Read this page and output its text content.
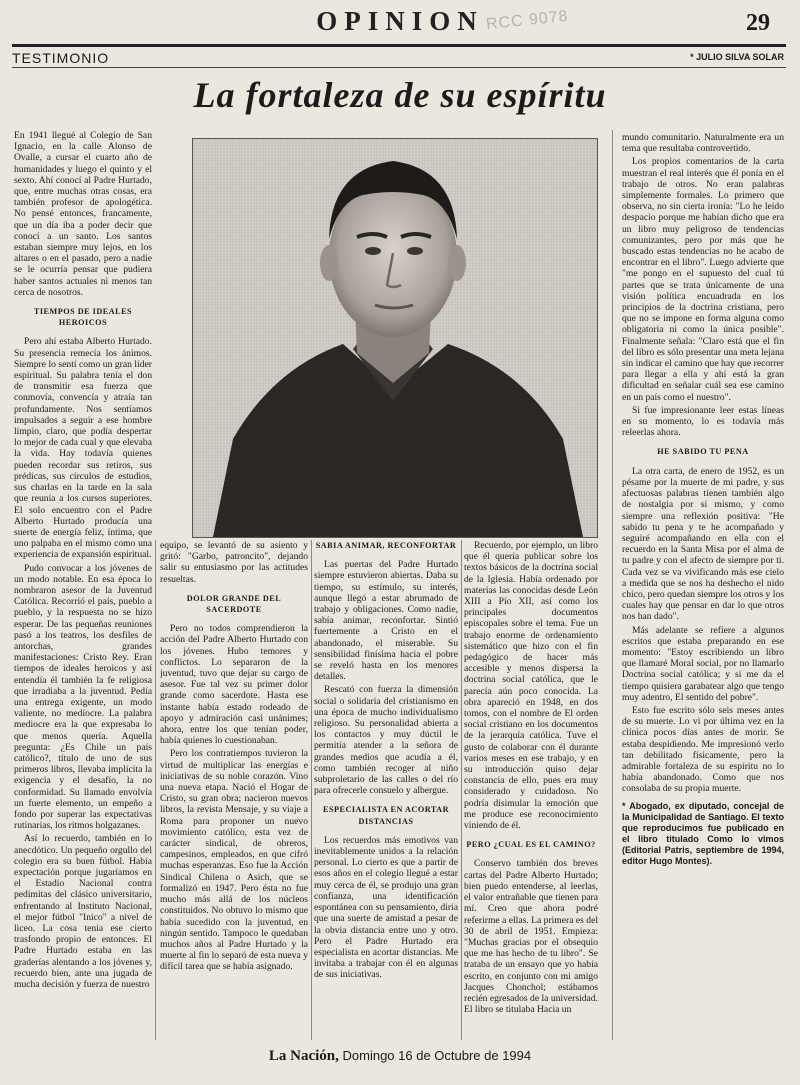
OPINION RCC 9078	29
TESTIMONIO	* JULIO SILVA SOLAR
La fortaleza de su espíritu

En 1941 llegué al Colegio de San Ignacio, en la calle Alonso de Ovalle, a cursar el cuarto año de humanidades y luego el quinto y el sexto. Ahí conocí al Padre Hurtado, que, entre muchas otras cosas, era también profesor de apologética. No pensé entonces, francamente, que un día iba a poder decir que conocí a un santo. Los santos estaban siempre muy lejos, en los altares o en el pasado, pero a nadie se le ocurría pensar que pudiera haber santos actuales ni menos tan cerca de nosotros.

TIEMPOS DE IDEALES HEROICOS

Pero ahí estaba Alberto Hurtado. Su presencia remecía los ánimos. Siempre lo sentí como un gran líder espiritual. Su palabra tenía el don de transmitir esa fuerza que conmovía, convencía y atraía tan profundamente. Nos sentíamos impulsados a seguir a ese hombre limpio, claro, que podía despertar lo mejor de cada cual y que elevaba la vida. Hay todavía quienes pueden recordar sus retiros, sus prédicas, sus círculos de estudios, sus charlas en la tarde en la sala que reunía a los cursos superiores. El solo encuentro con el Padre Alberto Hurtado producía una suerte de energía feliz, íntima, que uno palpaba en el mismo como una experiencia de expansión espiritual.

Pudo convocar a los jóvenes de un modo notable. En esa época lo nombraron asesor de la Juventud Católica. Recorrió el país, pueblo a pueblo, y la respuesta no se hizo esperar. De las pequeñas reuniones pasó a los teatros, los desfiles de antorchas, grandes manifestaciones: Cristo Rey. Eran tiempos de ideales heroicos y así entendía él también la fe religiosa que irradiaba a la juventud. Pedía una entrega exigente, un modo valiente, no mediocre. La palabra mediocre era la que expresaba lo que menos quería. Aquella pregunta: ¿Es Chile un país católico?, título de uno de sus primeros libros, llevaba implícita la exigencia y el desafío, la no conformidad. Su llamado envolvía un fuerte elemento, un empeño a fondo por superar las expectativas rutinarias, los ritmos holgazanes.

Así lo recuerdo, también en lo anecdótico. Un pequeño orgullo del colegio era su buen fútbol. Había expectación porque jugaríamos en el Estadio Nacional contra pedimitas del clásico universitario, enfrentando al Instituto Nacional, el mejor fútbol "Inico" a nivel de liceo. La cosa tenía ese cierto trasfondo propio de entonces. El Padre Hurtado estaba en las graderías alentando a los jóvenes y, recuerdo bien, ante una jugada de mucha decisión y fuerza de nuestro

equipo, se levantó de su asiento y gritó: "Garbo, patroncito", dejando salir su entusiasmo por las actitudes resueltas.

DOLOR GRANDE DEL SACERDOTE

Pero no todos comprendieron la acción del Padre Alberto Hurtado con los jóvenes. Hubo temores y conflictos. Lo separaron de la juventud, tuvo que dejar su cargo de asesor. Fue tal vez su primer dolor grande como sacerdote. Hasta ese instante había estado rodeado de apoyo y admiración casi unánimes; ahora, entre los que tenían poder, había quienes lo cuestionaban.

Pero los contratiempos tuvieron la virtud de multiplicar las energías e iniciativas de su noble corazón. Vino una nueva etapa. Nació el Hogar de Cristo, su gran obra; nacieron nuevos libros, la revista Mensaje, y su viaje a Roma para proponer un nuevo movimiento católico, esta vez de carácter sindical, de obreros, campesinos, empleados, en que cifró muchas esperanzas. Eso fue la Acción Sindical Chilena o Asich, que se formalizó en 1947. Pero ésta no fue mucho más allá de los núcleos constituidos. No obtuvo lo mismo que había sucedido con la juventud, en ningún sentido. Tampoco le quedaban muchos años al Padre Hurtado y la muerte al fin lo separó de esta nueva y difícil tarea que se había asignado.

SABIA ANIMAR, RECONFORTAR

Las puertas del Padre Hurtado siempre estuvieron abiertas. Daba su tiempo, su estímulo, su interés, aunque llegó a estar abrumado de trabajo y obligaciones. Como nadie, sabía animar, reconfortar. Sintió fuertemente a Cristo en el abandonado, el miserable. Su sensibilidad finísima hacia el pobre se reveló hasta en los menores detalles.

Rescató con fuerza la dimensión social o solidaria del cristianismo en una época de mucho individualismo religioso. Su personalidad abierta a los contactos y muy dúctil le permitía atender a la señora de grandes medios que acudía a él, como también recoger al niño subproletario de las calles o del río para ofrecerle consuelo y albergue.

ESPECIALISTA EN ACORTAR

DISTANCIAS

Los recuerdos más emotivos van inevitablemente unidos a la relación personal. Lo cierto es que a partir de esos años en el colegio llegué a estar muy cerca de él, se produjo una gran confianza, una identificación espontánea con su pensamiento, diría que una suerte de amistad a pesar de la obvia distancia entre uno y otro. Pero el Padre Hurtado era especialista en acortar distancias. Me invitaba a trabajar con él en algunas de sus iniciativas.

Recuerdo, por ejemplo, un libro que él quería publicar sobre los textos básicos de la doctrina social de la Iglesia. Había ordenado por materias las conocidas desde León XIII a Pío XII, así como los principales documentos episcopales sobre el tema. Fue un trabajo enorme de ordenamiento sistemático que hizo con el fin pedagógico de hacer más accesible y menos dispersa la doctrina social católica, que le parecía aún poco conocida. La obra apareció en 1948, en dos tomos, con el nombre de El orden social cristiano en los documentos de la jerarquía católica. Tuve el gusto de colaborar con él durante varios meses en ese trabajo, y en su introducción quiso dejar constancia de ello, pues era muy considerado y cuidadoso. No podría disimular la emoción que me produce ese reconocimiento viniendo de él.

PERO ¿CUAL ES EL CAMINO?

Conservo también dos breves cartas del Padre Alberto Hurtado; bien puedo entenderse, al leerlas, el valor entrañable que tienen para mí. Creo que ahora podré referirme a ellas. La primera es del 30 de abril de 1951. Empieza: "Muchas gracias por el obsequio que me has hecho de tu libro". Se trataba de un ensayo que yo había escrito, en conjunto con mi amigo Jacques Chonchol; estábamos recién egresados de la universidad. El libro se titulaba Hacia un

mundo comunitario. Naturalmente era un tema que resultaba controvertido.

Los propios comentarios de la carta muestran el real interés que él ponía en el trabajo de otros. No eran palabras simplemente formales. Lo primero que observa, no sin cierta ironía: "Lo he leído despacio porque me habían dicho que era un libro muy peligroso de tendencias comunizantes, pero por más que he buscado estas tendencias no he acabo de encontrar en el libro". Luego advierte que "me pongo en el supuesto del cual tú partes que se trata únicamente de una visión política encuadrada en los principios de la doctrina cristiana, pero que no se impone en forma alguna como obligatoria ni como la única posible". Finalmente señala: "Claro está que el fin del libro es sólo presentar una meta lejana sin indicar el camino que hay que recorrer para llegar a ella y ahí está la gran dificultad en señalar cuál sea ese camino en un país como el nuestro".

Si fue impresionante leer estas líneas en su momento, lo es todavía más releerlas ahora.

HE SABIDO TU PENA

La otra carta, de enero de 1952, es un pésame por la muerte de mi padre, y sus afectuosas palabras tienen también algo de nostalgia por sí mismo, y como siempre una reflexión positiva: "He sabido tu pena y te he acompañado y seguiré acompañando en ella con el recuerdo en la Santa Misa por el alma de tu padre y con el afecto de siempre por ti. Cada vez se va vivificando más ese cielo a medida que se nos ha deshecho el nido chico, pero quedan siempre los otros y los cuales hay que pensar en dar lo que otros nos han dado".

Más adelante se refiere a algunos escritos que estaba preparando en ese momento: "Estoy escribiendo un libro que llamaré Moral social, por no llamarlo Doctrina social católica; y si me da el tiempo quisiera garabatear algo que tengo muy adentro, El sentido del pobre".

Esto fue escrito sólo seis meses antes de su muerte. Lo vi por última vez en la clínica pocos días antes de morir. Se estaba despidiendo. Me impresionó verlo tan debilitado físicamente, pero la admirable fortaleza de su espíritu no lo había abandonado. Como que nos consolaba de su propia muerte.

* Abogado, ex diputado, concejal de la Municipalidad de Santiago. El texto que reproducimos fue publicado en el libro titulado Como lo vimos (Editorial Patris, septiembre de 1994, editor Hugo Montes).

La Nación, Domingo 16 de Octubre de 1994
